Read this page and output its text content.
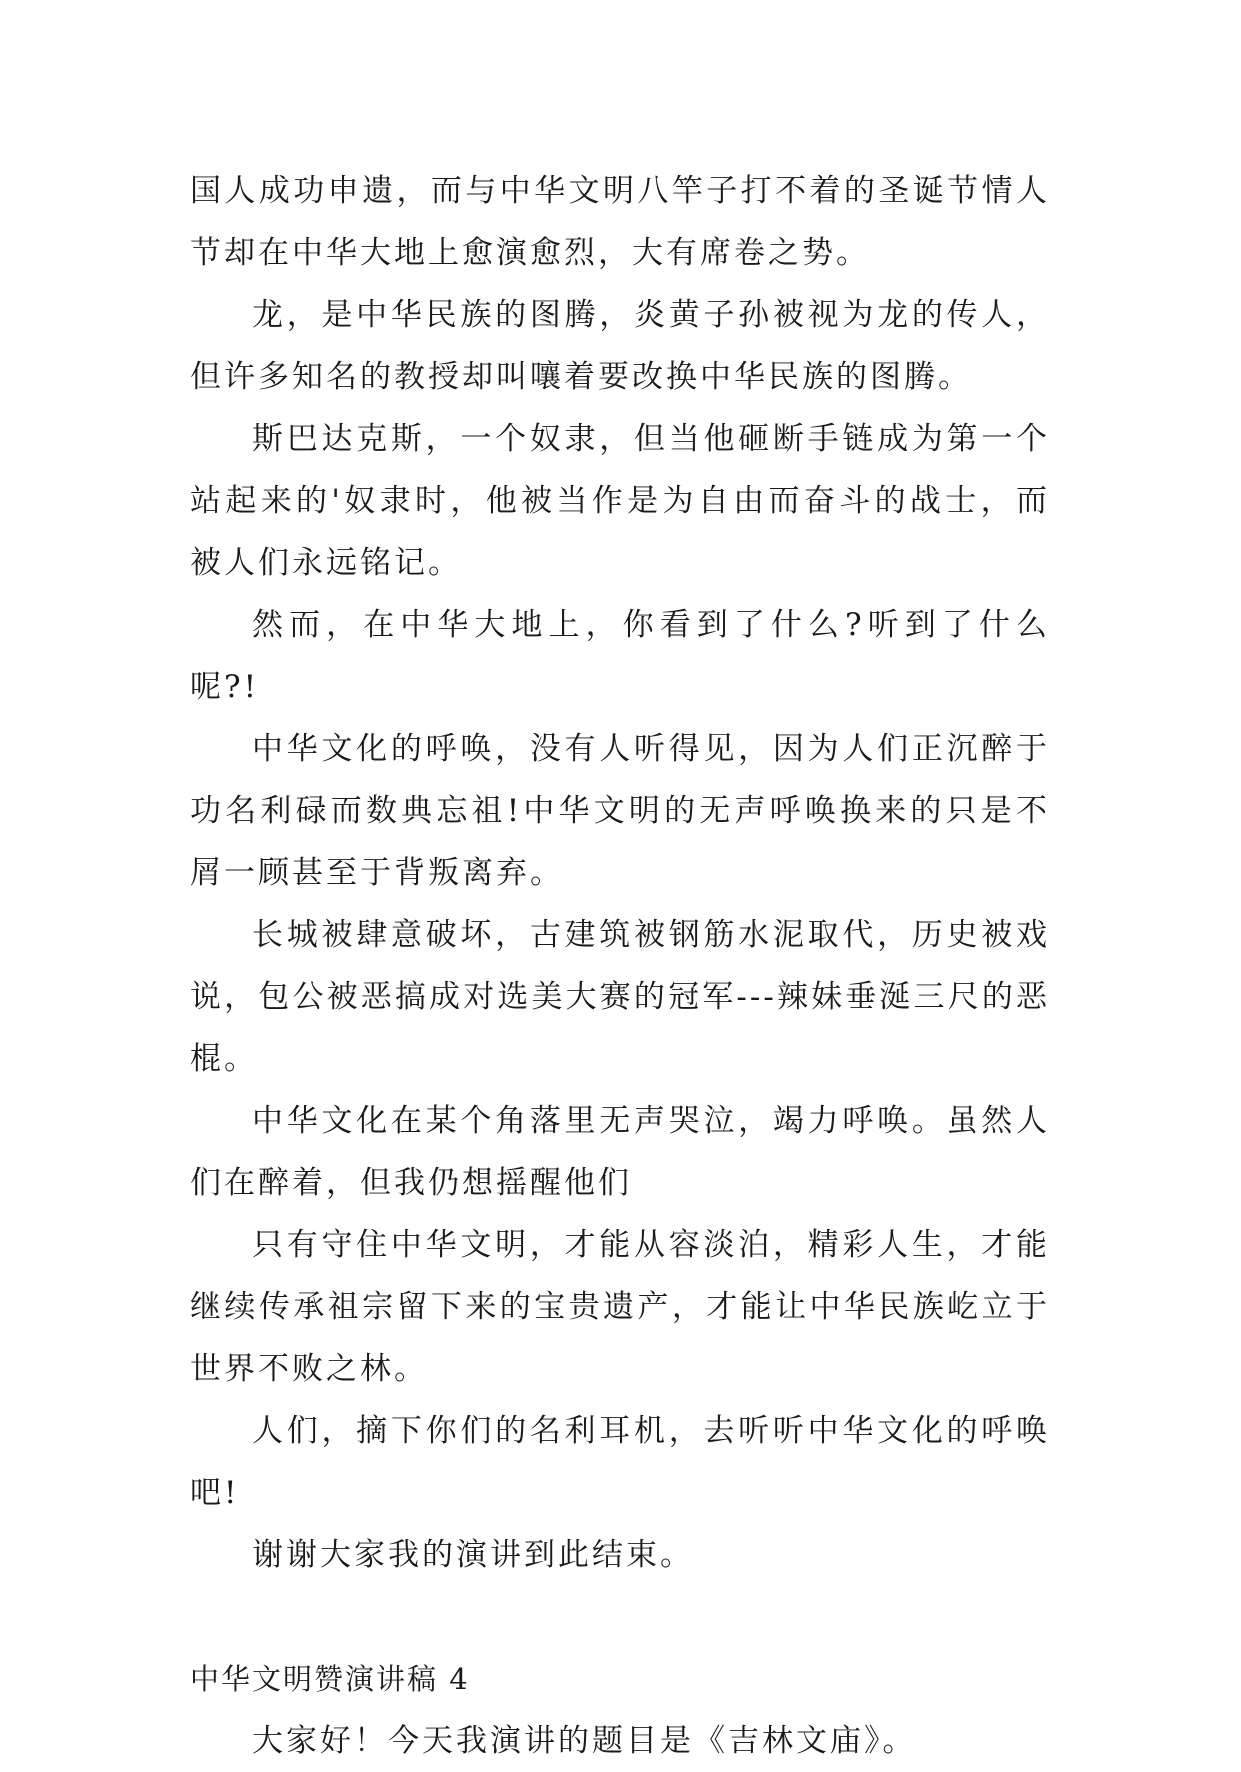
国人成功申遗，而与中华文明八竿子打不着的圣诞节情人节却在中华大地上愈演愈烈，大有席卷之势。

龙，是中华民族的图腾，炎黄子孙被视为龙的传人，但许多知名的教授却叫嚷着要改换中华民族的图腾。

斯巴达克斯，一个奴隶，但当他砸断手链成为第一个站起来的'奴隶时，他被当作是为自由而奋斗的战士，而被人们永远铭记。

然而，在中华大地上，你看到了什么?听到了什么呢?!

中华文化的呼唤，没有人听得见，因为人们正沉醉于功名利碌而数典忘祖!中华文明的无声呼唤换来的只是不屑一顾甚至于背叛离弃。

长城被肆意破坏，古建筑被钢筋水泥取代，历史被戏说，包公被恶搞成对选美大赛的冠军---辣妹垂涎三尺的恶棍。

中华文化在某个角落里无声哭泣，竭力呼唤。虽然人们在醉着，但我仍想摇醒他们

只有守住中华文明，才能从容淡泊，精彩人生，才能继续传承祖宗留下来的宝贵遗产，才能让中华民族屹立于世界不败之林。

人们，摘下你们的名利耳机，去听听中华文化的呼唤吧!

谢谢大家我的演讲到此结束。

中华文明赞演讲稿 4

大家好！今天我演讲的题目是《吉林文庙》。
